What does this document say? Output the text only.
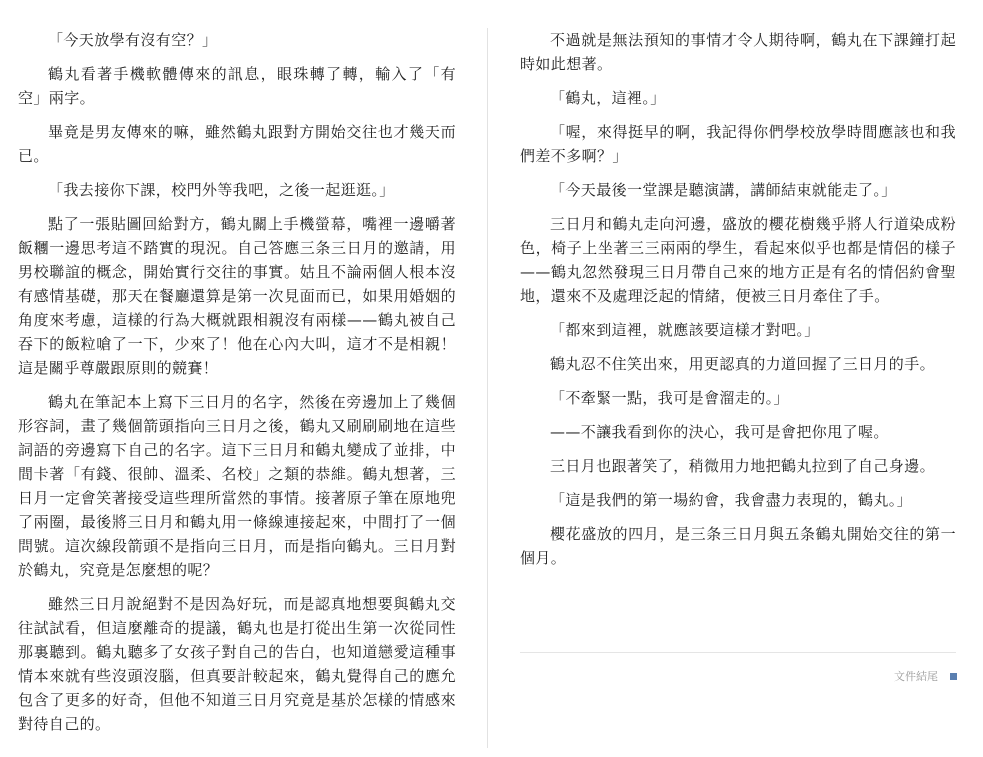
「今天放學有沒有空？」

鶴丸看著手機軟體傳來的訊息，眼珠轉了轉，輸入了「有空」兩字。

畢竟是男友傳來的嘛，雖然鶴丸跟對方開始交往也才幾天而已。

「我去接你下課，校門外等我吧，之後一起逛逛。」

點了一張貼圖回給對方，鶴丸關上手機螢幕，嘴裡一邊嚼著飯糰一邊思考這不踏實的現況。自己答應三条三日月的邀請，用男校聯誼的概念，開始實行交往的事實。姑且不論兩個人根本沒有感情基礎，那天在餐廳還算是第一次見面而已，如果用婚姻的角度來考慮，這樣的行為大概就跟相親沒有兩樣——鶴丸被自己吞下的飯粒嗆了一下，少來了！他在心內大叫，這才不是相親！這是關乎尊嚴跟原則的競賽！

鶴丸在筆記本上寫下三日月的名字，然後在旁邊加上了幾個形容詞，畫了幾個箭頭指向三日月之後，鶴丸又刷刷刷地在這些詞語的旁邊寫下自己的名字。這下三日月和鶴丸變成了並排，中間卡著「有錢、很帥、溫柔、名校」之類的恭維。鶴丸想著，三日月一定會笑著接受這些理所當然的事情。接著原子筆在原地兜了兩圈，最後將三日月和鶴丸用一條線連接起來，中間打了一個問號。這次線段箭頭不是指向三日月，而是指向鶴丸。三日月對於鶴丸，究竟是怎麼想的呢？

雖然三日月說絕對不是因為好玩，而是認真地想要與鶴丸交往試試看，但這麼離奇的提議，鶴丸也是打從出生第一次從同性那裏聽到。鶴丸聽多了女孩子對自己的告白，也知道戀愛這種事情本來就有些沒頭沒腦，但真要計較起來，鶴丸覺得自己的應允包含了更多的好奇，但他不知道三日月究竟是基於怎樣的情感來對待自己的。

不過就是無法預知的事情才令人期待啊，鶴丸在下課鐘打起時如此想著。

「鶴丸，這裡。」

「喔，來得挺早的啊，我記得你們學校放學時間應該也和我們差不多啊？」

「今天最後一堂課是聽演講，講師結束就能走了。」

三日月和鶴丸走向河邊，盛放的櫻花樹幾乎將人行道染成粉色，椅子上坐著三三兩兩的學生，看起來似乎也都是情侶的樣子——鶴丸忽然發現三日月帶自己來的地方正是有名的情侶約會聖地，還來不及處理泛起的情緒，便被三日月牽住了手。

「都來到這裡，就應該要這樣才對吧。」

鶴丸忍不住笑出來，用更認真的力道回握了三日月的手。

「不牽緊一點，我可是會溜走的。」

——不讓我看到你的決心，我可是會把你甩了喔。

三日月也跟著笑了，稍微用力地把鶴丸拉到了自己身邊。

「這是我們的第一場約會，我會盡力表現的，鶴丸。」

櫻花盛放的四月，是三条三日月與五条鶴丸開始交往的第一個月。

文件結尾
